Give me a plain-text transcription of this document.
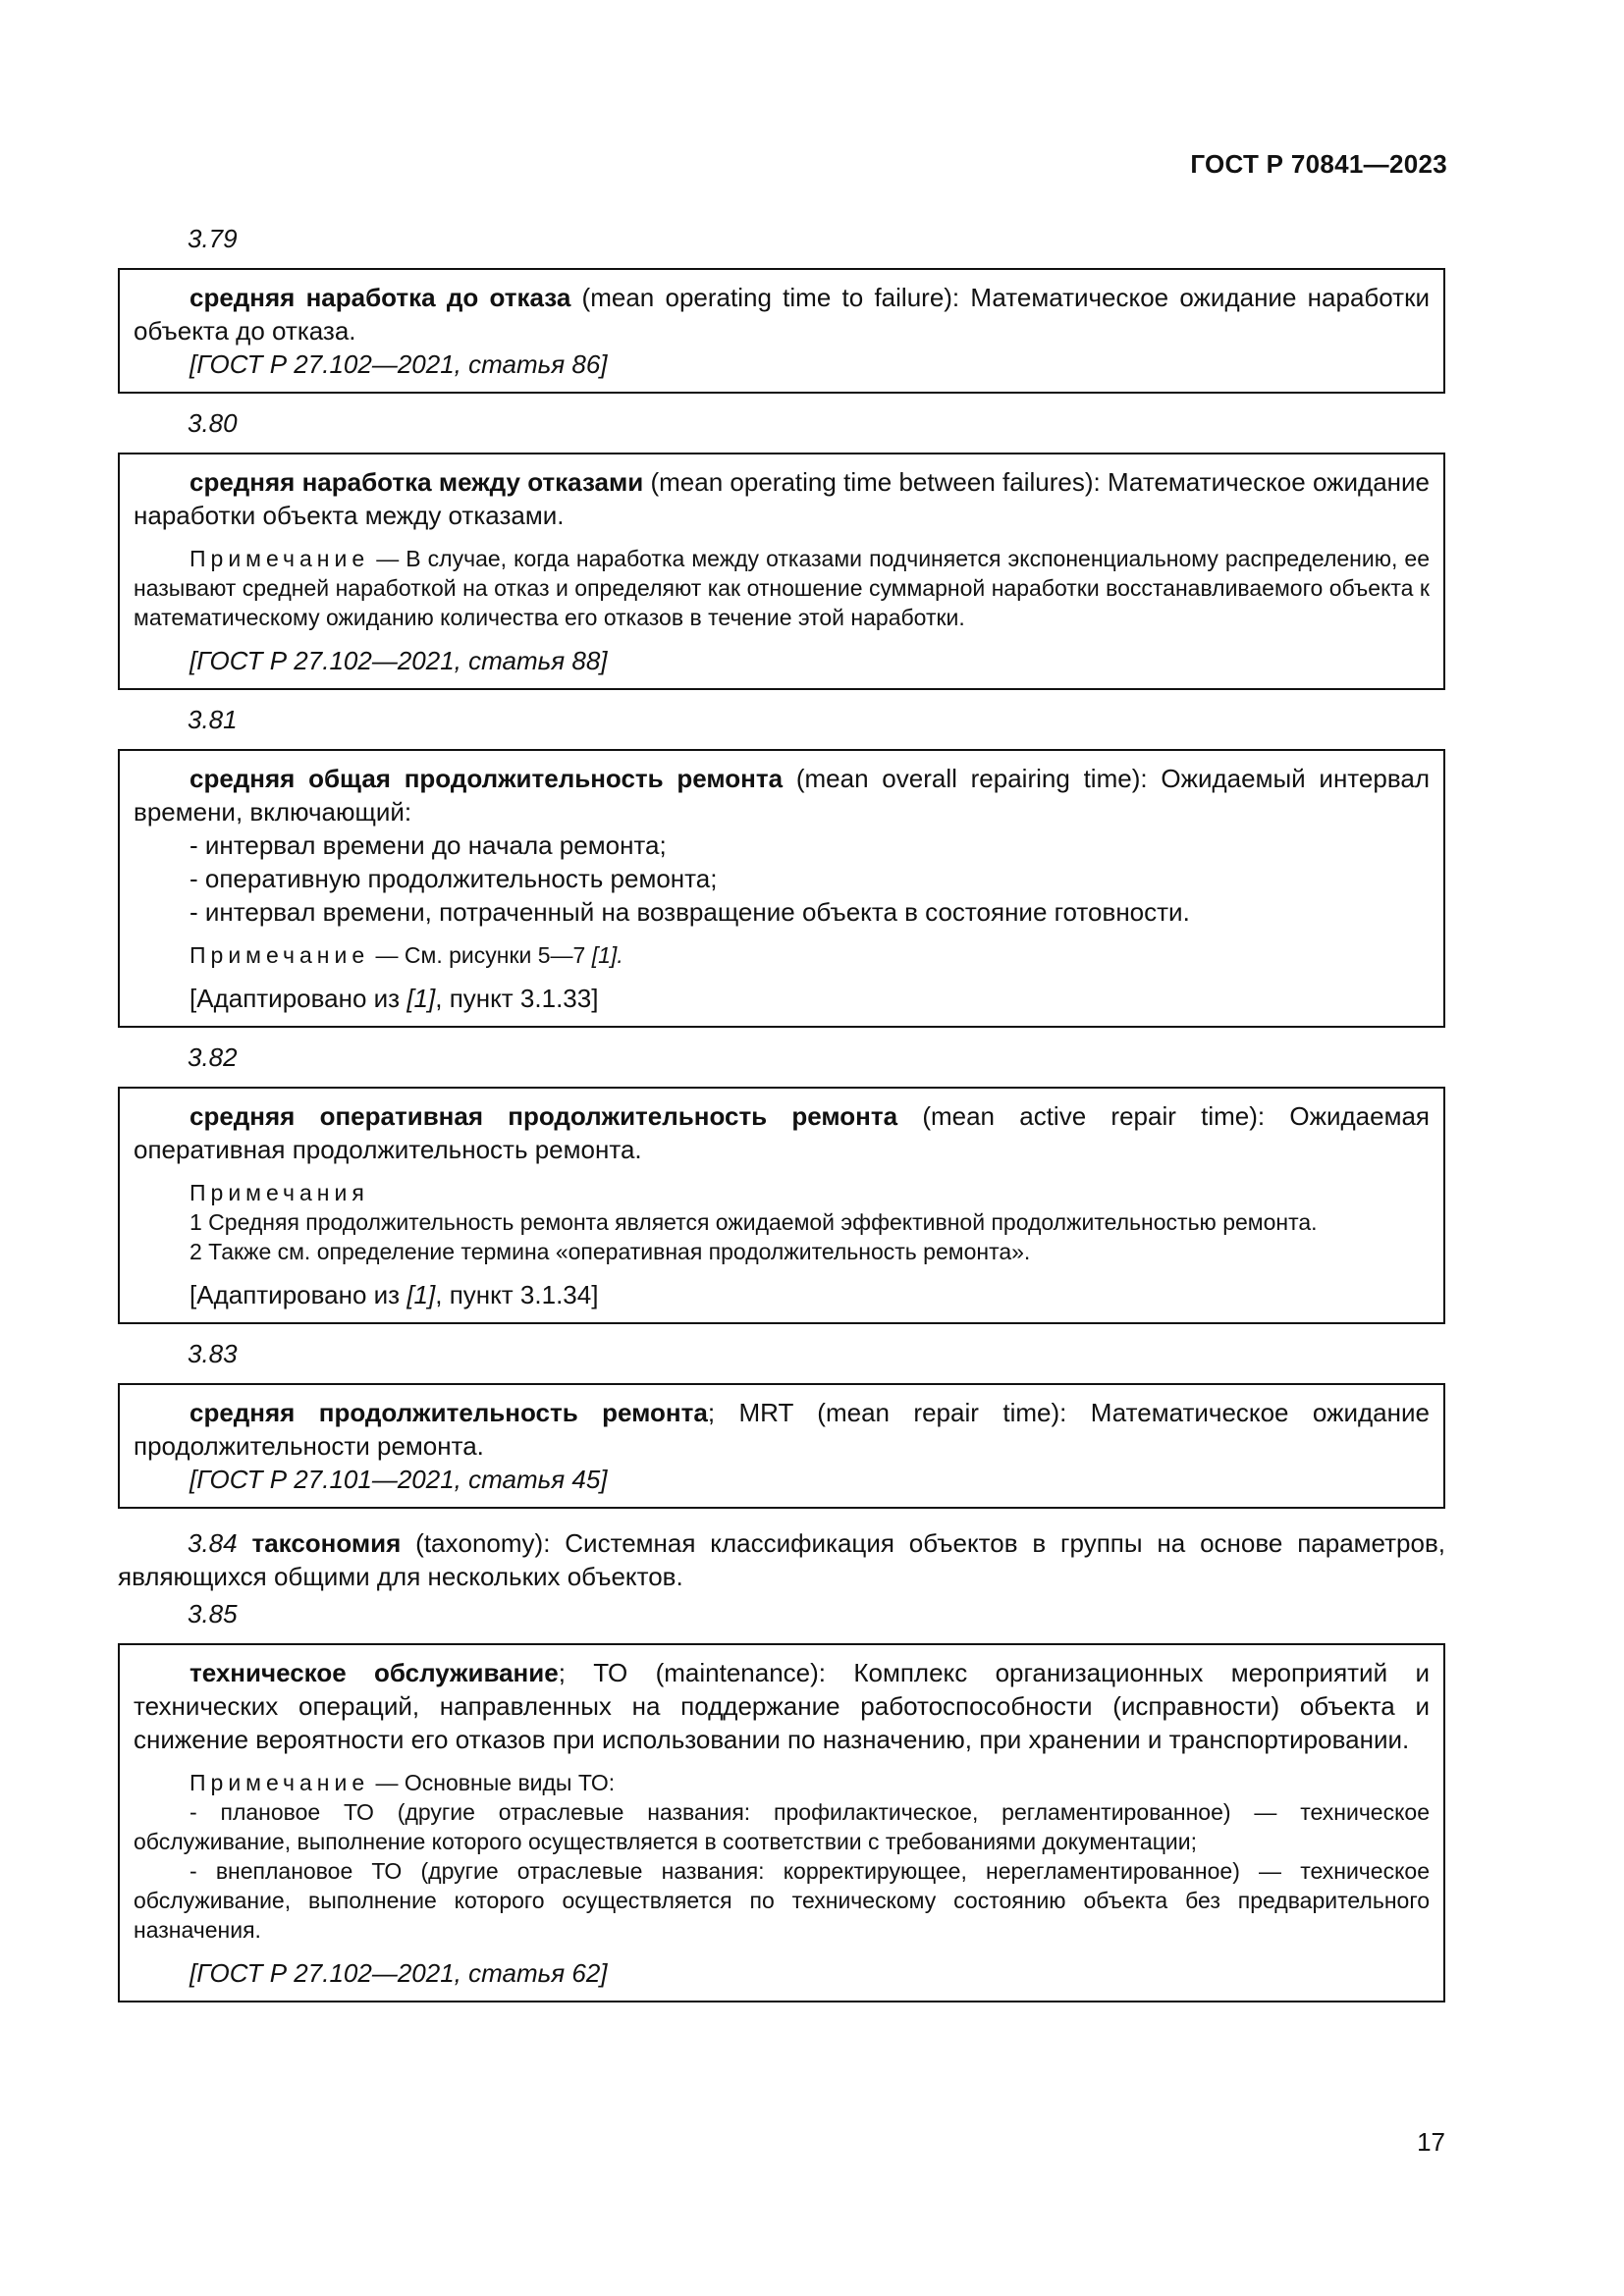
ГОСТ Р 70841—2023
3.79

средняя наработка до отказа (mean operating time to failure): Математическое ожидание наработки объекта до отказа.

[ГОСТ Р 27.102—2021, статья 86]

3.80

средняя наработка между отказами (mean operating time between failures): Математическое ожидание наработки объекта между отказами.

Примечание — В случае, когда наработка между отказами подчиняется экспоненциальному распределению, ее называют средней наработкой на отказ и определяют как отношение суммарной наработки восстанавливаемого объекта к математическому ожиданию количества его отказов в течение этой наработки.

[ГОСТ Р 27.102—2021, статья 88]

3.81

средняя общая продолжительность ремонта (mean overall repairing time): Ожидаемый интервал времени, включающий:

- интервал времени до начала ремонта;

- оперативную продолжительность ремонта;

- интервал времени, потраченный на возвращение объекта в состояние готовности.

Примечание — См. рисунки 5—7 [1].

[Адаптировано из [1], пункт 3.1.33]

3.82

средняя оперативная продолжительность ремонта (mean active repair time): Ожидаемая оперативная продолжительность ремонта.

Примечания

1 Средняя продолжительность ремонта является ожидаемой эффективной продолжительностью ремонта.

2 Также см. определение термина «оперативная продолжительность ремонта».

[Адаптировано из [1], пункт 3.1.34]

3.83

средняя продолжительность ремонта; MRT (mean repair time): Математическое ожидание продолжительности ремонта.

[ГОСТ Р 27.101—2021, статья 45]

3.84 таксономия (taxonomy): Системная классификация объектов в группы на основе параметров, являющихся общими для нескольких объектов.

3.85

техническое обслуживание; ТО (maintenance): Комплекс организационных мероприятий и технических операций, направленных на поддержание работоспособности (исправности) объекта и снижение вероятности его отказов при использовании по назначению, при хранении и транспортировании.

Примечание — Основные виды ТО:

- плановое ТО (другие отраслевые названия: профилактическое, регламентированное) — техническое обслуживание, выполнение которого осуществляется в соответствии с требованиями документации;

- внеплановое ТО (другие отраслевые названия: корректирующее, нерегламентированное) — техническое обслуживание, выполнение которого осуществляется по техническому состоянию объекта без предварительного назначения.

[ГОСТ Р 27.102—2021, статья 62]

17
